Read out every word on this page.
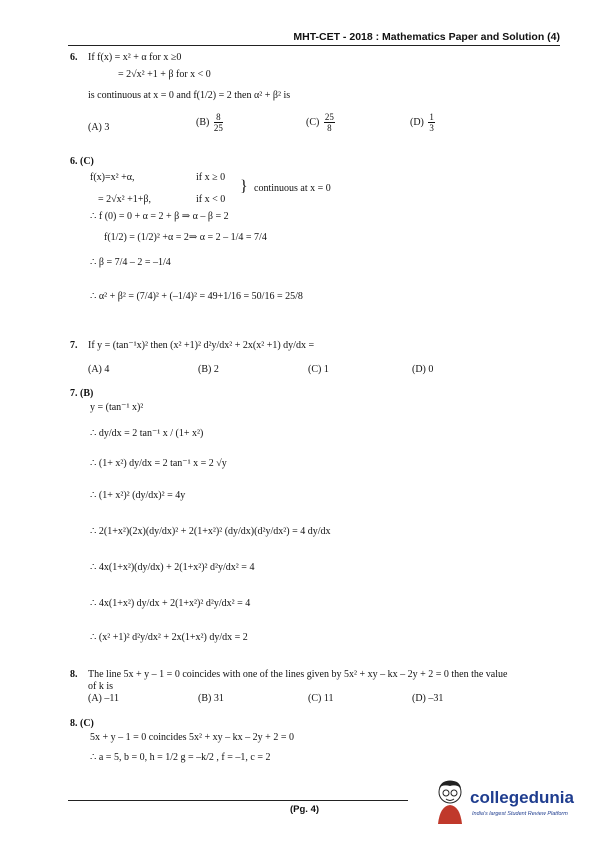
MHT-CET - 2018 : Mathematics Paper and Solution (4)
6. If f(x) = x² + α for x ≥0
= 2√x² +1 + β for x < 0
is continuous at x = 0 and f(1/2) = 2 then α² + β² is
(A) 3	$(B) \frac{8}{25}$	$(C) \frac{25}{8}$	$(D) \frac{1}{3}$
6. (C)
f(x)=x² +α,	if x ≥ 0
} continuous at x = 0
= 2√x² +1+β,	if x < 0
∴ f (0) = 0 + α = 2 + β ⇒ α – β = 2
f(1/2) = (1/2)² +α = 2⇒ α = 2 – 1/4 = 7/4
∴ β = 7/4 – 2 = –1/4
∴ α² + β² = (7/4)² + (–1/4)² = 49+1/16 = 50/16 = 25/8
7. If y = (tan⁻¹x)² then (x² +1)² d²y/dx² + 2x(x² +1) dy/dx =
(A) 4	(B) 2	(C) 1	(D) 0
7. (B)
y = (tan⁻¹ x)²
∴ dy/dx = 2 tan⁻¹ x / (1+ x²)
∴ (1+ x²) dy/dx = 2 tan⁻¹ x = 2 √y
∴ (1+ x²)² (dy/dx)² = 4y
∴ 2(1+x²)(2x)(dy/dx)² + 2(1+x²)² (dy/dx)(d²y/dx²) = 4 dy/dx
∴ 4x(1+x²)(dy/dx) + 2(1+x²)² d²y/dx² = 4
∴ 4x(1+x²) dy/dx + 2(1+x²)² d²y/dx² = 4
∴ (x² +1)² d²y/dx² + 2x(1+x²) dy/dx = 2
8. The line 5x + y – 1 = 0 coincides with one of the lines given by 5x² + xy – kx – 2y + 2 = 0 then the value
of k is
(A) –11	(B) 31	(C) 11	(D) –31
8. (C)
5x + y – 1 = 0 coincides 5x² + xy – kx – 2y + 2 = 0
∴ a = 5, b = 0, h = 1/2 g = –k/2 , f = –1, c = 2
(Pg. 4)
collegedunia
India's largest Student Review Platform
